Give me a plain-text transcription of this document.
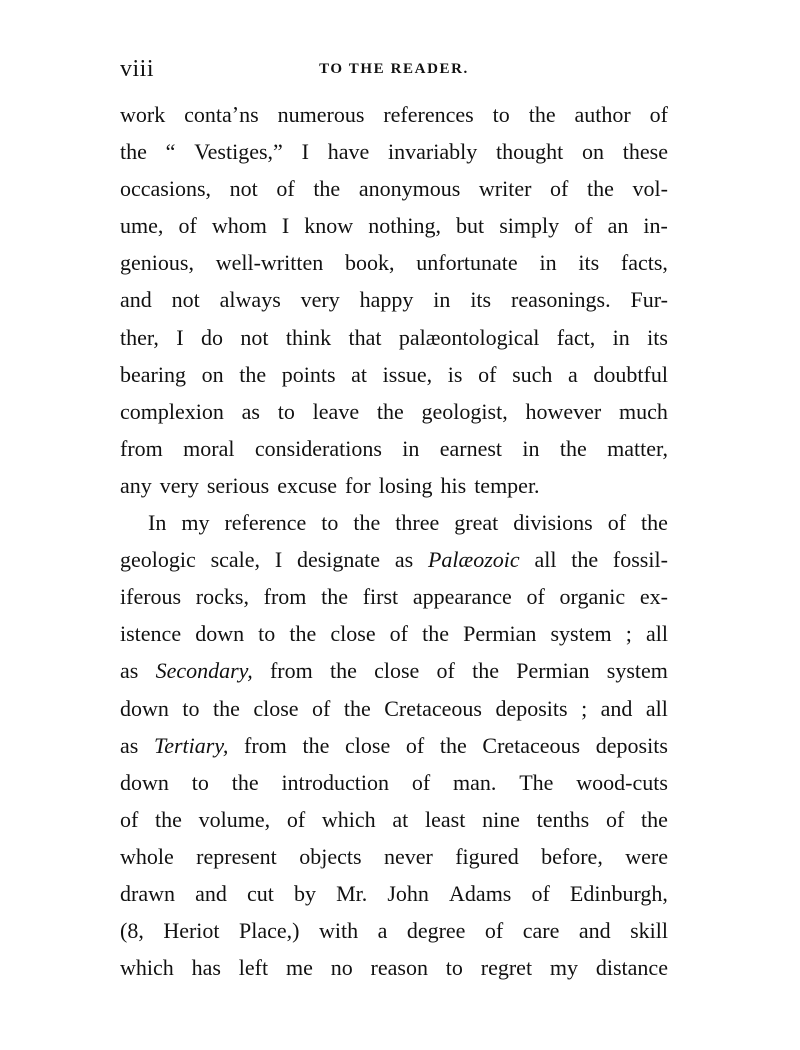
viii	TO THE READER.
work contaʼns numerous references to the author of
the “ Vestiges,” I have invariably thought on these
occasions, not of the anonymous writer of the vol-
ume, of whom I know nothing, but simply of an in-
genious, well-written book, unfortunate in its facts,
and not always very happy in its reasonings. Fur-
ther, I do not think that palæontological fact, in its
bearing on the points at issue, is of such a doubtful
complexion as to leave the geologist, however much
from moral considerations in earnest in the matter,
any very serious excuse for losing his temper.
In my reference to the three great divisions of the
geologic scale, I designate as Palæozoic all the fossil-
iferous rocks, from the first appearance of organic ex-
istence down to the close of the Permian system ; all
as Secondary, from the close of the Permian system
down to the close of the Cretaceous deposits ; and all
as Tertiary, from the close of the Cretaceous deposits
down to the introduction of man. The wood-cuts
of the volume, of which at least nine tenths of the
whole represent objects never figured before, were
drawn and cut by Mr. John Adams of Edinburgh,
(8, Heriot Place,) with a degree of care and skill
which has left me no reason to regret my distance
